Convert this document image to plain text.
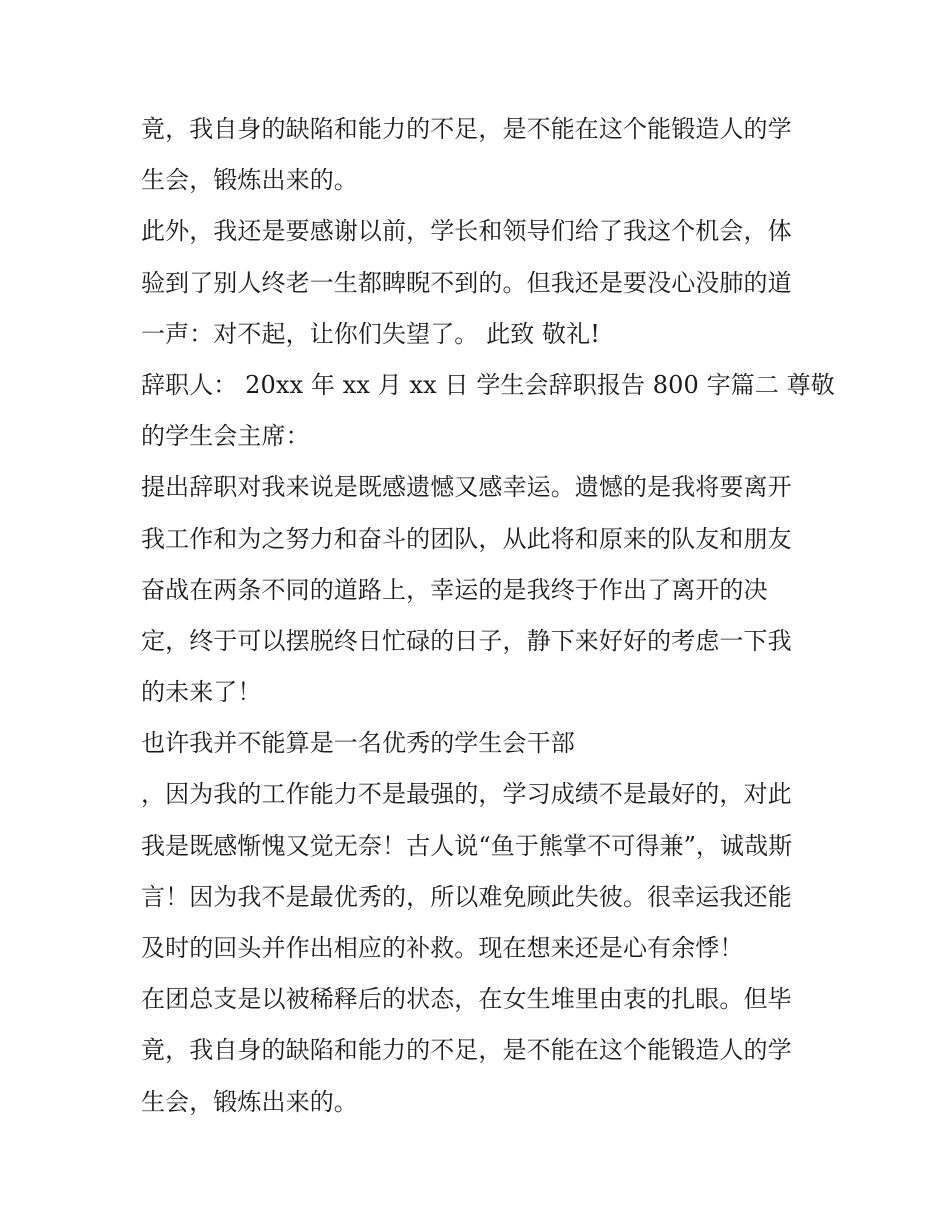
竟，我自身的缺陷和能力的不足，是不能在这个能锻造人的学
生会，锻炼出来的。
此外，我还是要感谢以前，学长和领导们给了我这个机会，体
验到了别人终老一生都睥睨不到的。但我还是要没心没肺的道
一声：对不起，让你们失望了。 此致 敬礼!
辞职人： 20xx 年 xx 月 xx 日 学生会辞职报告 800 字篇二 尊敬
的学生会主席：
提出辞职对我来说是既感遗憾又感幸运。遗憾的是我将要离开
我工作和为之努力和奋斗的团队，从此将和原来的队友和朋友
奋战在两条不同的道路上，幸运的是我终于作出了离开的决
定，终于可以摆脱终日忙碌的日子，静下来好好的考虑一下我
的未来了！
也许我并不能算是一名优秀的学生会干部
，因为我的工作能力不是最强的，学习成绩不是最好的，对此
我是既感惭愧又觉无奈！古人说“鱼于熊掌不可得兼”，诚哉斯
言！因为我不是最优秀的，所以难免顾此失彼。很幸运我还能
及时的回头并作出相应的补救。现在想来还是心有余悸！
在团总支是以被稀释后的状态，在女生堆里由衷的扎眼。但毕
竟，我自身的缺陷和能力的不足，是不能在这个能锻造人的学
生会，锻炼出来的。
